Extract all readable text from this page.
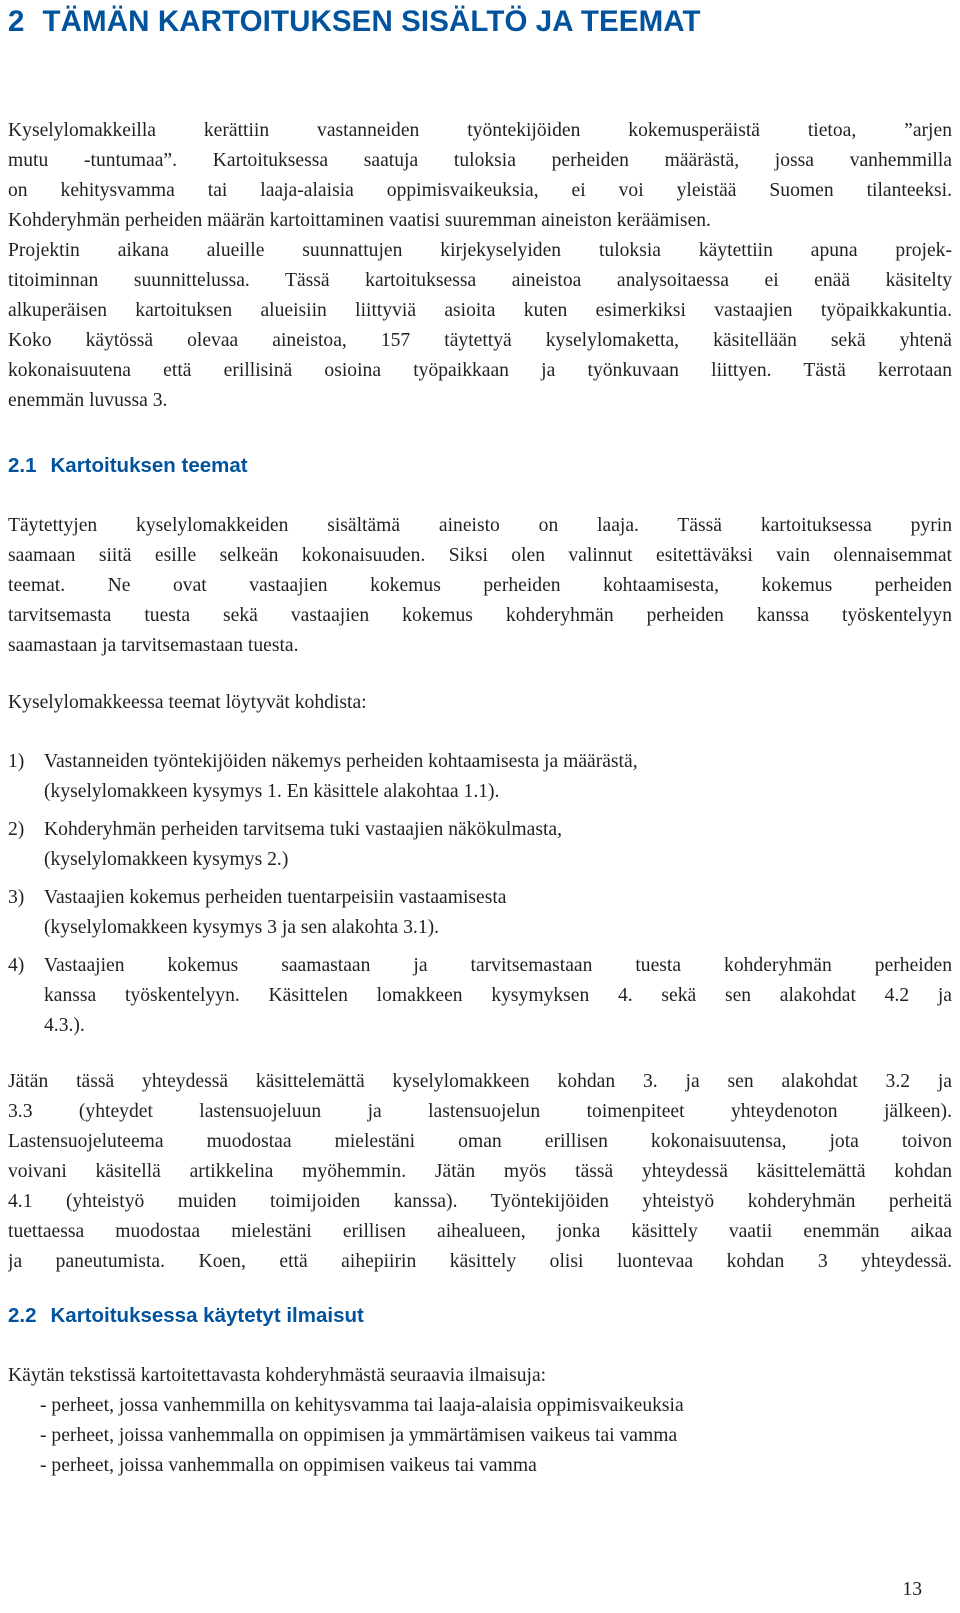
2 TÄMÄN KARTOITUKSEN SISÄLTÖ JA TEEMAT
Kyselylomakkeilla kerättiin vastanneiden työntekijöiden kokemusperäistä tietoa, ”arjen
mutu -tuntumaa”. Kartoituksessa saatuja tuloksia perheiden määrästä, jossa vanhemmilla
on kehitysvamma tai laaja-alaisia oppimisvaikeuksia, ei voi yleistää Suomen tilanteeksi.
Kohderyhmän perheiden määrän kartoittaminen vaatisi suuremman aineiston keräämisen.
Projektin aikana alueille suunnattujen kirjekyselyiden tuloksia käytettiin apuna projek-
titoiminnan suunnittelussa. Tässä kartoituksessa aineistoa analysoitaessa ei enää käsitelty
alkuperäisen kartoituksen alueisiin liittyviä asioita kuten esimerkiksi vastaajien työpaikkakuntia.
Koko käytössä olevaa aineistoa, 157 täytettyä kyselylomaketta, käsitellään sekä yhtenä
kokonaisuutena että erillisinä osioina työpaikkaan ja työnkuvaan liittyen. Tästä kerrotaan
enemmän luvussa 3.
2.1 Kartoituksen teemat
Täytettyjen kyselylomakkeiden sisältämä aineisto on laaja. Tässä kartoituksessa pyrin
saamaan siitä esille selkeän kokonaisuuden. Siksi olen valinnut esitettäväksi vain olennaisemmat
teemat. Ne ovat vastaajien kokemus perheiden kohtaamisesta, kokemus perheiden
tarvitsemasta tuesta sekä vastaajien kokemus kohderyhmän perheiden kanssa työskentelyyn
saamastaan ja tarvitsemastaan tuesta.
Kyselylomakkeessa teemat löytyvät kohdista:
1) Vastanneiden työntekijöiden näkemys perheiden kohtaamisesta ja määrästä,
(kyselylomakkeen kysymys 1. En käsittele alakohtaa 1.1).
2) Kohderyhmän perheiden tarvitsema tuki vastaajien näkökulmasta,
(kyselylomakkeen kysymys 2.)
3) Vastaajien kokemus perheiden tuentarpeisiin vastaamisesta
(kyselylomakkeen kysymys 3 ja sen alakohta 3.1).
4) Vastaajien kokemus saamastaan ja tarvitsemastaan tuesta kohderyhmän perheiden
kanssa työskentelyyn. Käsittelen lomakkeen kysymyksen 4. sekä sen alakohdat 4.2 ja
4.3.).
Jätän tässä yhteydessä käsittelemättä kyselylomakkeen kohdan 3. ja sen alakohdat 3.2 ja
3.3 (yhteydet lastensuojeluun ja lastensuojelun toimenpiteet yhteydenoton jälkeen).
Lastensuojeluteema muodostaa mielestäni oman erillisen kokonaisuutensa, jota toivon
voivani käsitellä artikkelina myöhemmin. Jätän myös tässä yhteydessä käsittelemättä kohdan
4.1 (yhteistyö muiden toimijoiden kanssa). Työntekijöiden yhteistyö kohderyhmän perheitä
tuettaessa muodostaa mielestäni erillisen aihealueen, jonka käsittely vaatii enemmän aikaa
ja paneutumista. Koen, että aihepiirin käsittely olisi luontevaa kohdan 3 yhteydessä.
2.2 Kartoituksessa käytetyt ilmaisut
Käytän tekstissä kartoitettavasta kohderyhmästä seuraavia ilmaisuja:
- perheet, jossa vanhemmilla on kehitysvamma tai laaja-alaisia oppimisvaikeuksia
- perheet, joissa vanhemmalla on oppimisen ja ymmärtämisen vaikeus tai vamma
- perheet, joissa vanhemmalla on oppimisen vaikeus tai vamma
13
